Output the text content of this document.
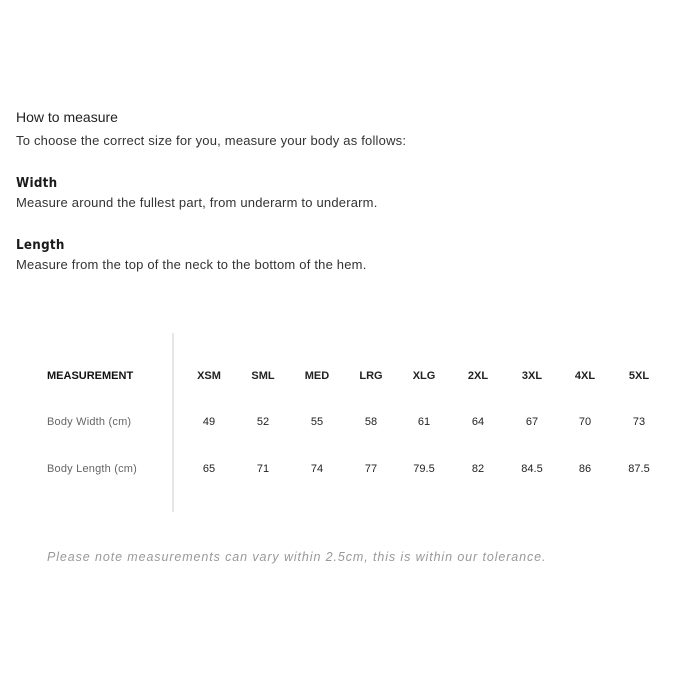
How to measure

To choose the correct size for you, measure your body as follows:

Width

Measure around the fullest part, from underarm to underarm.

Length

Measure from the top of the neck to the bottom of the hem.

MEASUREMENT	XSM	SML	MED	LRG	XLG	2XL	3XL	4XL	5XL
Body Width (cm)	49	52	55	58	61	64	67	70	73
Body Length (cm)	65	71	74	77	79.5	82	84.5	86	87.5

Please note measurements can vary within 2.5cm, this is within our tolerance.
